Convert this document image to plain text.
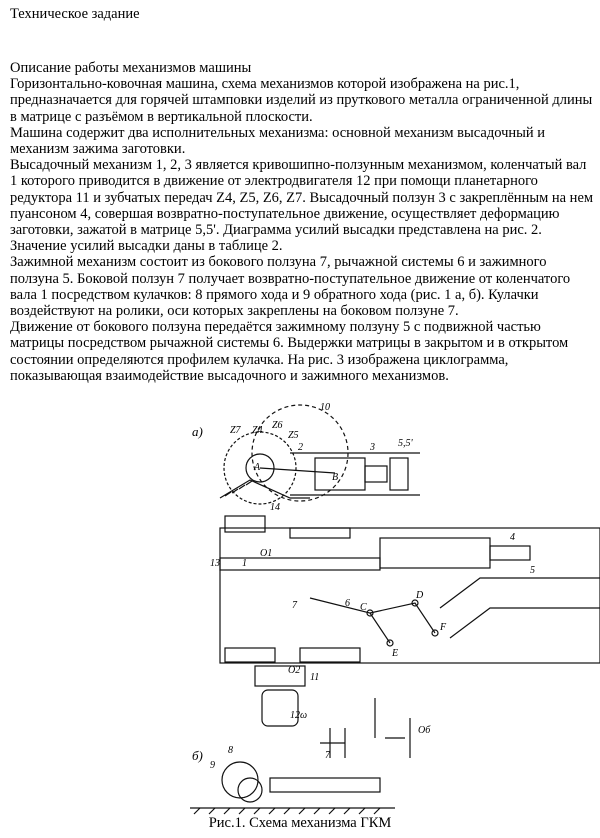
Техническое задание

Описание работы механизмов машины

Горизонтально-ковочная машина, схема механизмов которой изображена на рис.1, предназначается для горячей штамповки изделий из пруткового металла ограниченной длины в матрице с разъёмом в вертикальной плоскости.

Машина содержит два исполнительных механизма: основной механизм высадочный и механизм зажима заготовки.

Высадочный механизм 1, 2, 3 является кривошипно-ползунным механизмом, коленчатый вал 1 которого приводится в движение от электродвигателя 12 при помощи планетарного редуктора 11 и зубчатых передач Z4, Z5, Z6, Z7. Высадочный ползун 3 с закреплённым на нем пуансоном 4, совершая возвратно-поступательное движение, осуществляет деформацию заготовки, зажатой в матрице 5,5'. Диаграмма усилий высадки представлена на рис. 2. Значение усилий высадки даны в таблице 2.

Зажимной механизм состоит из бокового ползуна 7, рычажной системы 6 и зажимного ползуна 5. Боковой ползун 7 получает возвратно-поступательное движение от коленчатого вала 1 посредством кулачков: 8 прямого хода и 9 обратного хода (рис. 1 а, б). Кулачки воздействуют на ролики, оси которых закреплены на боковом ползуне 7.

Движение от бокового ползуна передаётся зажимному ползуну 5 с подвижной частью матрицы посредством рычажной системы 6. Выдержки матрицы в закрытом и в открытом состоянии определяются профилем кулачка. На рис. 3 изображена циклограмма, показывающая взаимодействие высадочного и зажимного механизмов.

а)	Z7 Z4 Z6
Z5
10
2	3 5,5'
B
A
14
13
O1
1
4
5
6
7	C
D
E
F
O2
11
12
Oб
ω
б)	8
9
7
Рис.1. Схема механизма ГКМ
